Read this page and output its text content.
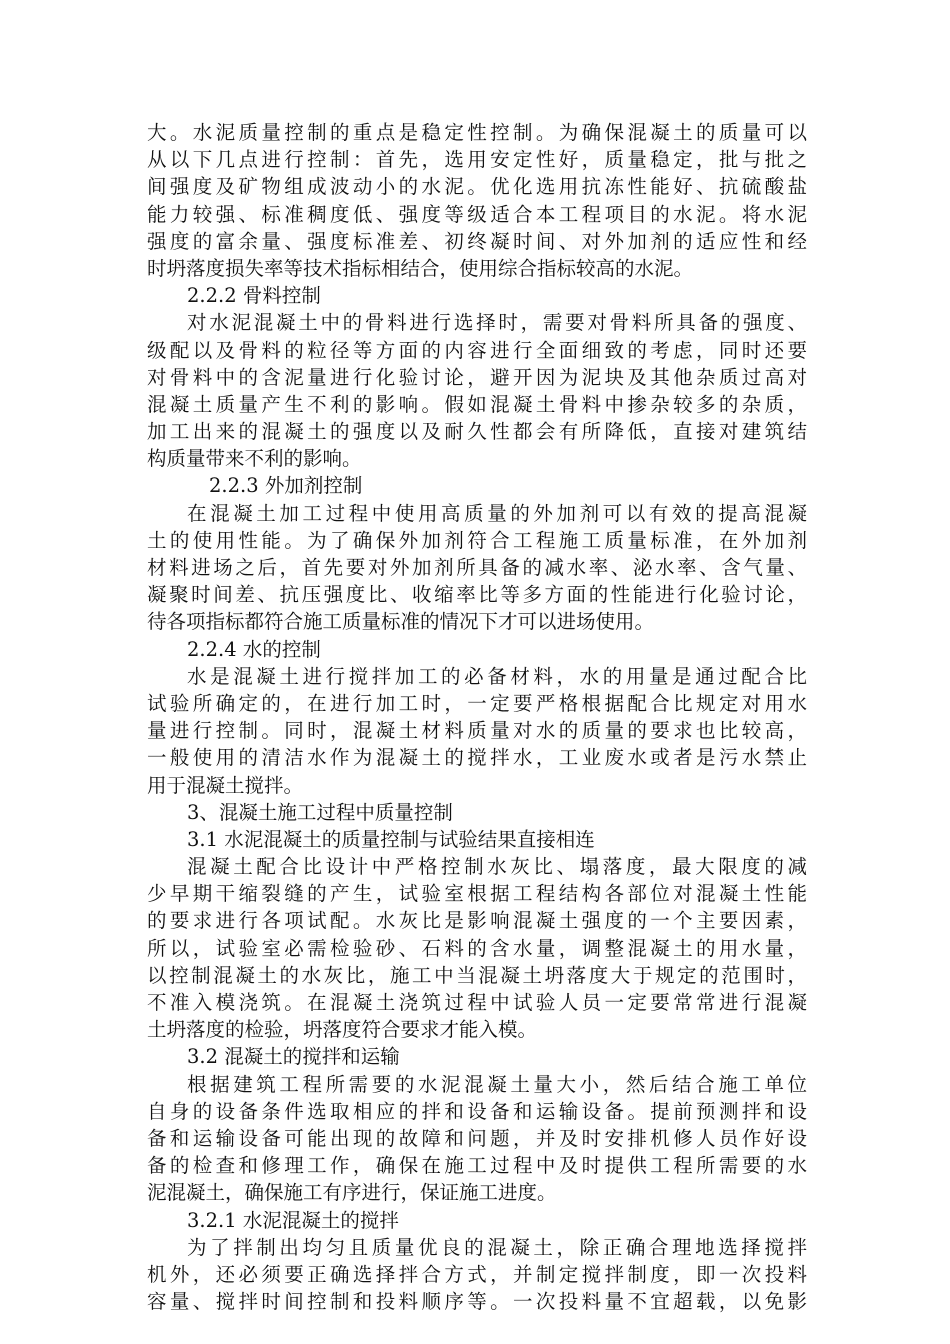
大。水泥质量控制的重点是稳定性控制。为确保混凝土的质量可以
从以下几点进行控制：首先，选用安定性好，质量稳定，批与批之
间强度及矿物组成波动小的水泥。优化选用抗冻性能好、抗硫酸盐
能力较强、标准稠度低、强度等级适合本工程项目的水泥。将水泥
强度的富余量、强度标准差、初终凝时间、对外加剂的适应性和经
时坍落度损失率等技术指标相结合，使用综合指标较高的水泥。
2.2.2 骨料控制
对水泥混凝土中的骨料进行选择时，需要对骨料所具备的强度、
级配以及骨料的粒径等方面的内容进行全面细致的考虑，同时还要
对骨料中的含泥量进行化验讨论，避开因为泥块及其他杂质过高对
混凝土质量产生不利的影响。假如混凝土骨料中掺杂较多的杂质，
加工出来的混凝土的强度以及耐久性都会有所降低，直接对建筑结
构质量带来不利的影响。
2.2.3 外加剂控制
在混凝土加工过程中使用高质量的外加剂可以有效的提高混凝
土的使用性能。为了确保外加剂符合工程施工质量标准，在外加剂
材料进场之后，首先要对外加剂所具备的减水率、泌水率、含气量、
凝聚时间差、抗压强度比、收缩率比等多方面的性能进行化验讨论，
待各项指标都符合施工质量标准的情况下才可以进场使用。
2.2.4 水的控制
水是混凝土进行搅拌加工的必备材料，水的用量是通过配合比
试验所确定的，在进行加工时，一定要严格根据配合比规定对用水
量进行控制。同时，混凝土材料质量对水的质量的要求也比较高，
一般使用的清洁水作为混凝土的搅拌水，工业废水或者是污水禁止
用于混凝土搅拌。
3、混凝土施工过程中质量控制
3.1 水泥混凝土的质量控制与试验结果直接相连
混凝土配合比设计中严格控制水灰比、塌落度，最大限度的减
少早期干缩裂缝的产生，试验室根据工程结构各部位对混凝土性能
的要求进行各项试配。水灰比是影响混凝土强度的一个主要因素，
所以，试验室必需检验砂、石料的含水量，调整混凝土的用水量，
以控制混凝土的水灰比，施工中当混凝土坍落度大于规定的范围时，
不准入模浇筑。在混凝土浇筑过程中试验人员一定要常常进行混凝
土坍落度的检验，坍落度符合要求才能入模。
3.2 混凝土的搅拌和运输
根据建筑工程所需要的水泥混凝土量大小，然后结合施工单位
自身的设备条件选取相应的拌和设备和运输设备。提前预测拌和设
备和运输设备可能出现的故障和问题，并及时安排机修人员作好设
备的检查和修理工作，确保在施工过程中及时提供工程所需要的水
泥混凝土，确保施工有序进行，保证施工进度。
3.2.1 水泥混凝土的搅拌
为了拌制出均匀且质量优良的混凝土，除正确合理地选择搅拌
机外，还必须要正确选择拌合方式，并制定搅拌制度，即一次投料
容量、搅拌时间控制和投料顺序等。一次投料量不宜超载，以免影
